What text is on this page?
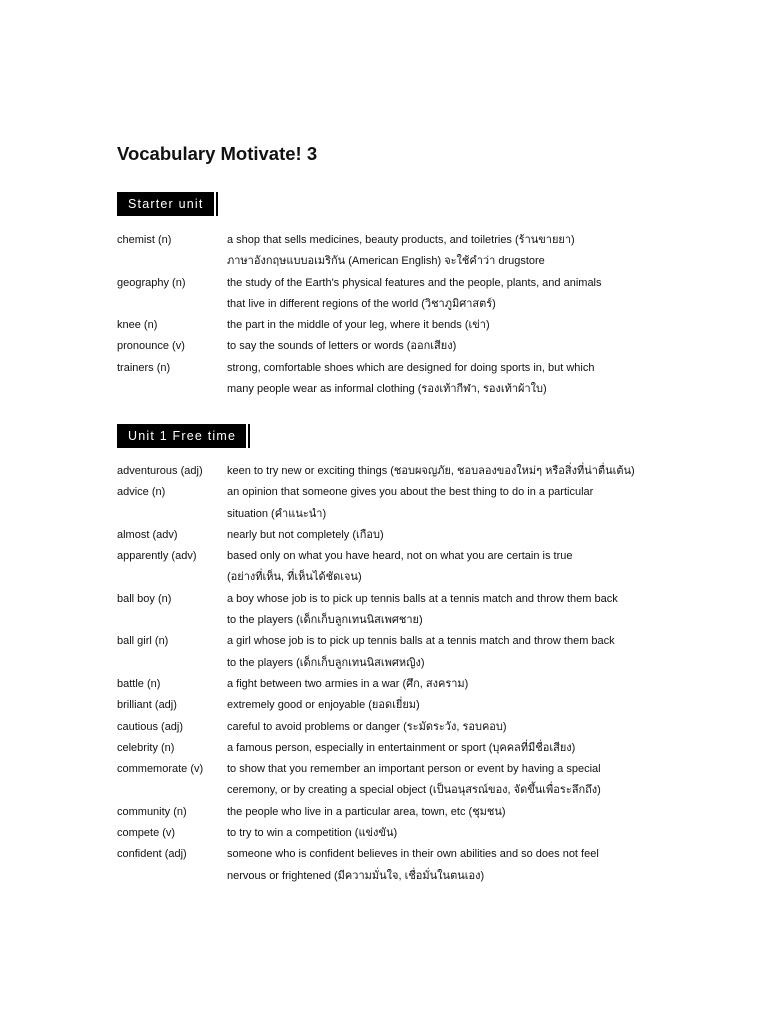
Vocabulary Motivate! 3
Starter unit
chemist (n)	a shop that sells medicines, beauty products, and toiletries (ร้านขายยา)
ภาษาอังกฤษแบบอเมริกัน (American English) จะใช้คำว่า drugstore
geography (n)	the study of the Earth's physical features and the people, plants, and animals
that live in different regions of the world (วิชาภูมิศาสตร์)
knee (n)	the part in the middle of your leg, where it bends (เข่า)
pronounce (v)	to say the sounds of letters or words (ออกเสียง)
trainers (n)	strong, comfortable shoes which are designed for doing sports in, but which
many people wear as informal clothing (รองเท้ากีฬา, รองเท้าผ้าใบ)
Unit 1 Free time
adventurous (adj)	keen to try new or exciting things (ชอบผจญภัย, ชอบลองของใหม่ๆ หรือสิ่งที่น่าตื่นเต้น)
advice (n)	an opinion that someone gives you about the best thing to do in a particular
situation (คำแนะนำ)
almost (adv)	nearly but not completely (เกือบ)
apparently (adv)	based only on what you have heard, not on what you are certain is true
(อย่างที่เห็น, ที่เห็นได้ชัดเจน)
ball boy (n)	a boy whose job is to pick up tennis balls at a tennis match and throw them back
to the players (เด็กเก็บลูกเทนนิสเพศชาย)
ball girl (n)	a girl whose job is to pick up tennis balls at a tennis match and throw them back
to the players (เด็กเก็บลูกเทนนิสเพศหญิง)
battle (n)	a fight between two armies in a war (ศึก, สงคราม)
brilliant (adj)	extremely good or enjoyable (ยอดเยี่ยม)
cautious (adj)	careful to avoid problems or danger (ระมัดระวัง, รอบคอบ)
celebrity (n)	a famous person, especially in entertainment or sport (บุคคลที่มีชื่อเสียง)
commemorate (v)	to show that you remember an important person or event by having a special
ceremony, or by creating a special object (เป็นอนุสรณ์ของ, จัดขึ้นเพื่อระลึกถึง)
community (n)	the people who live in a particular area, town, etc (ชุมชน)
compete (v)	to try to win a competition (แข่งขัน)
confident (adj)	someone who is confident believes in their own abilities and so does not feel
nervous or frightened (มีความมั่นใจ, เชื่อมั่นในตนเอง)
